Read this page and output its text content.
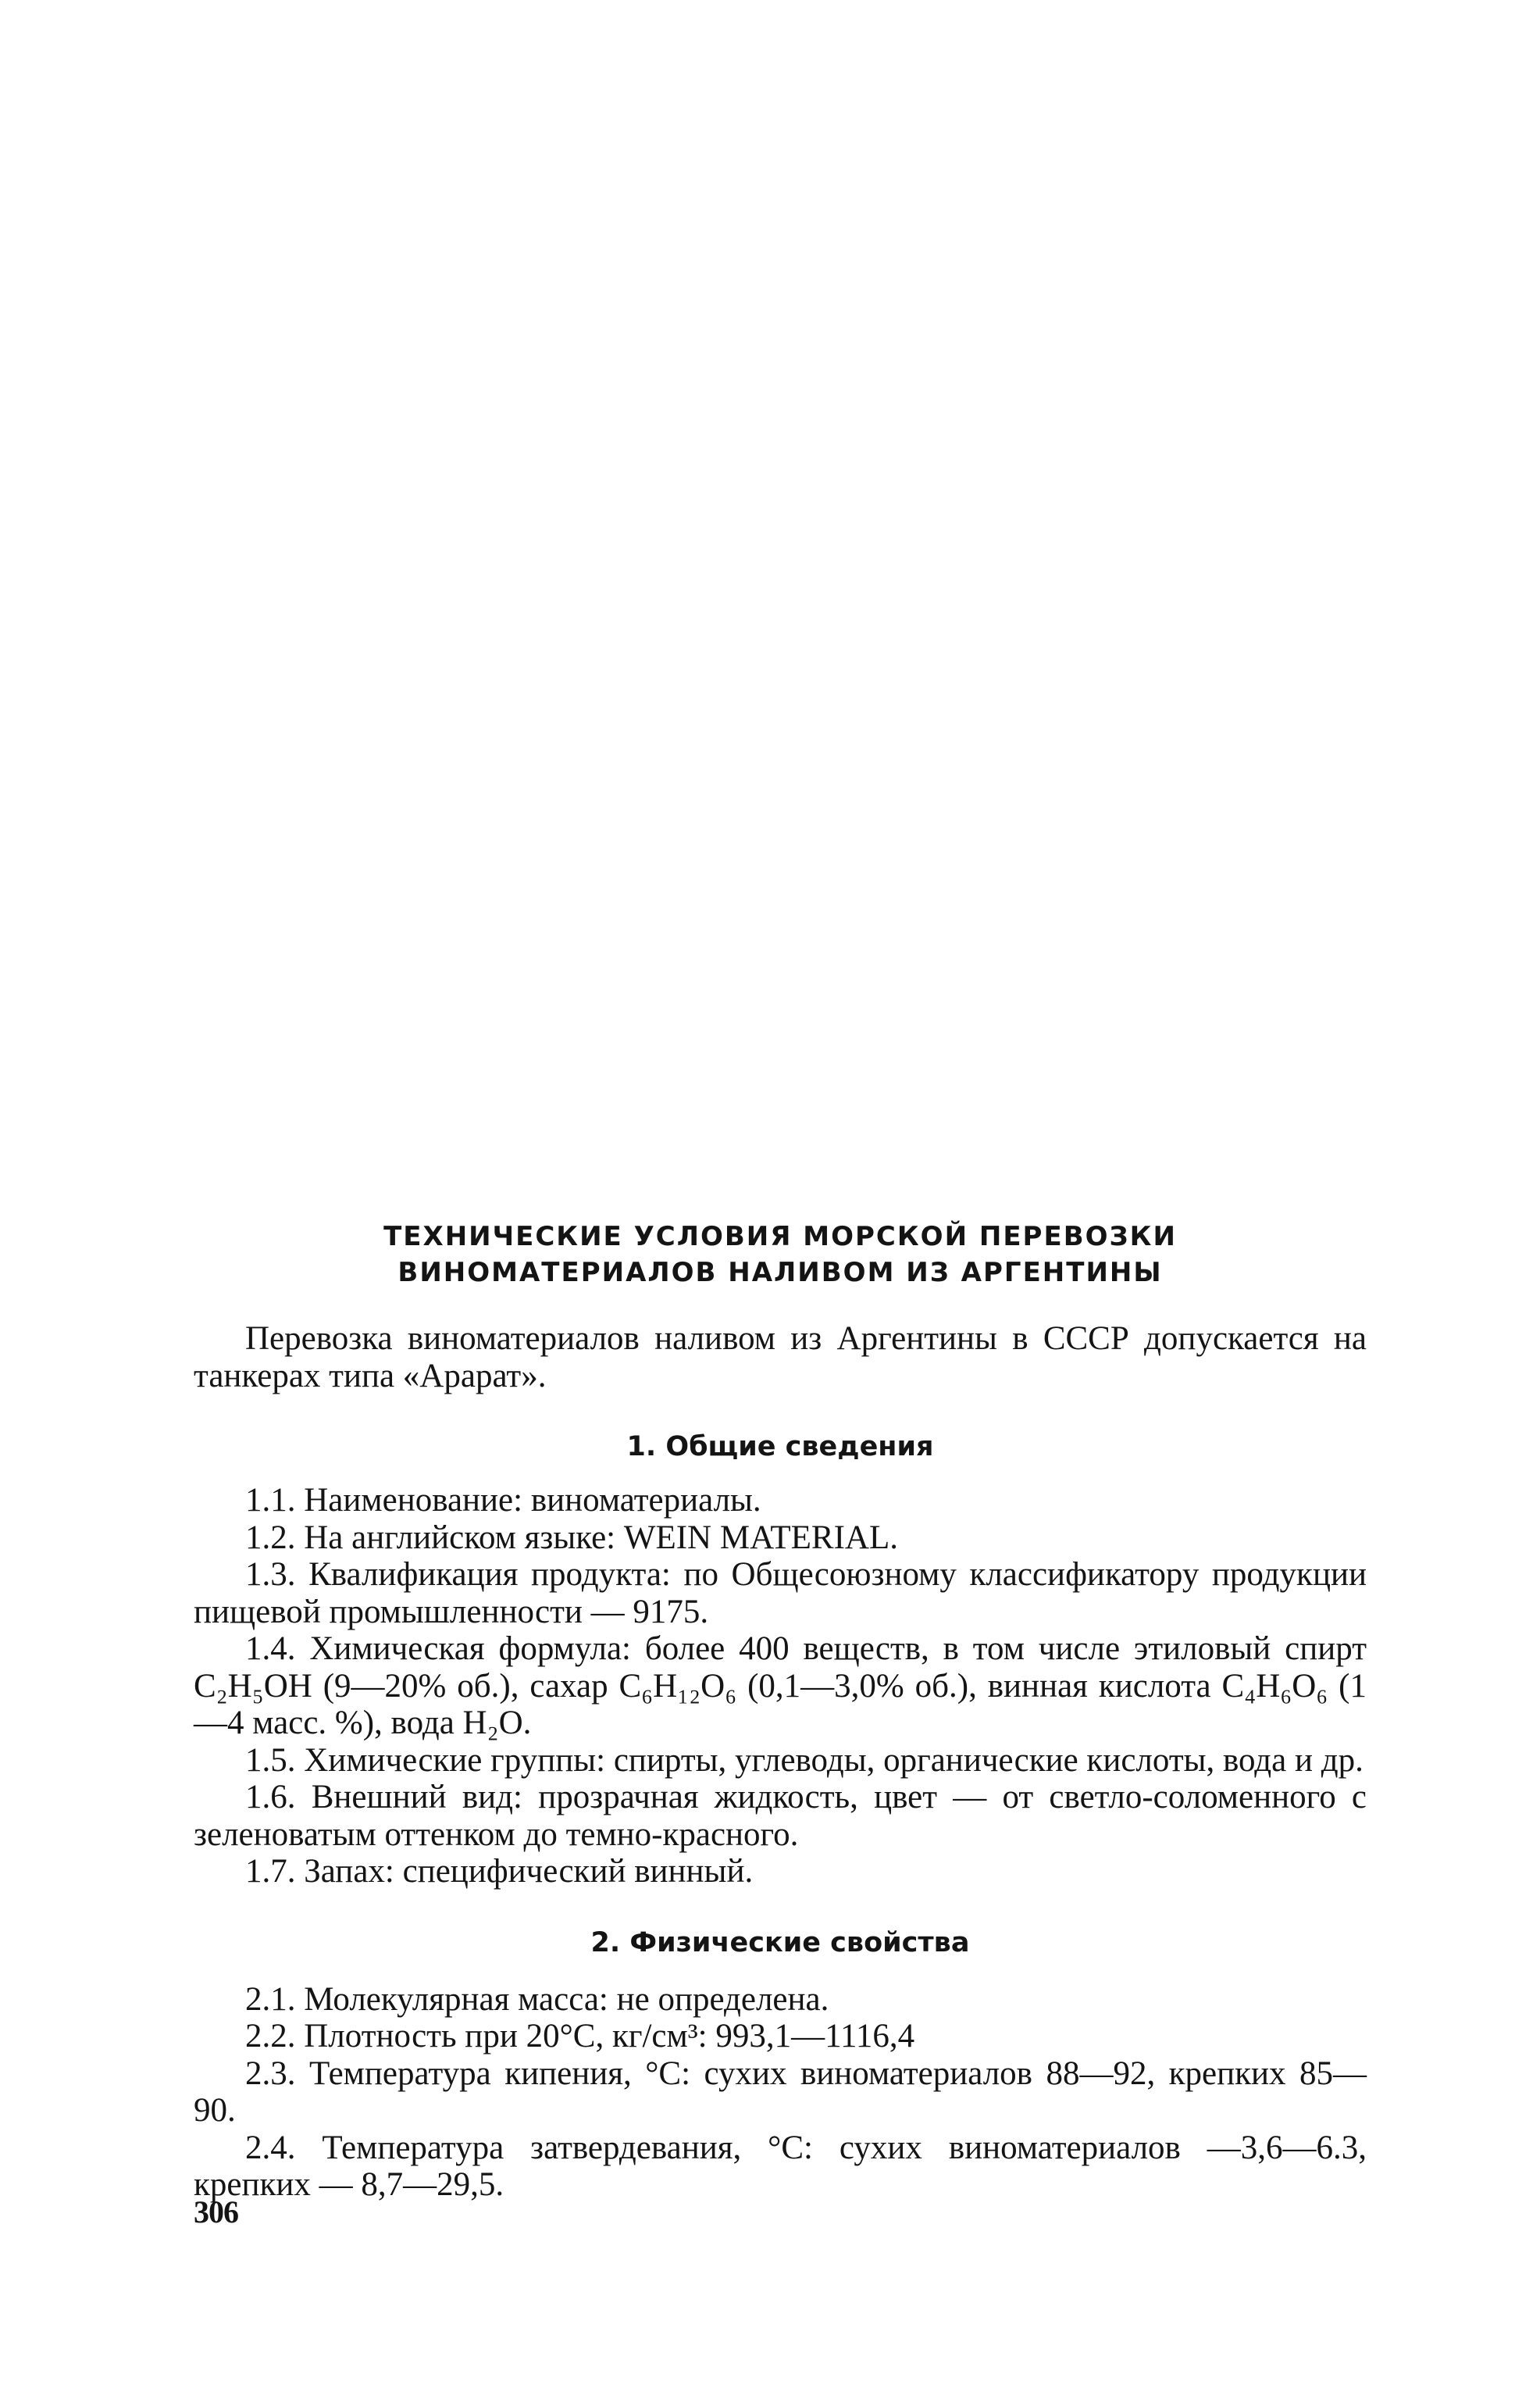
ТЕХНИЧЕСКИЕ УСЛОВИЯ МОРСКОЙ ПЕРЕВОЗКИ
ВИНОМАТЕРИАЛОВ НАЛИВОМ ИЗ АРГЕНТИНЫ

Перевозка виноматериалов наливом из Аргентины в СССР допускается на танкерах типа «Арарат».

1. Общие сведения

1.1. Наименование: виноматериалы.

1.2. На английском языке: WEIN MATERIAL.

1.3. Квалификация продукта: по Общесоюзному классификатору продукции пищевой промышленности — 9175.

1.4. Химическая формула: более 400 веществ, в том числе этиловый спирт C₂H₅OH (9—20% об.), сахар C₆H₁₂O₆ (0,1—3,0% об.), винная кислота C₄H₆O₆ (1—4 масс. %), вода H₂O.

1.5. Химические группы: спирты, углеводы, органические кислоты, вода и др.

1.6. Внешний вид: прозрачная жидкость, цвет — от светло-соломенного с зеленоватым оттенком до темно-красного.

1.7. Запах: специфический винный.

2. Физические свойства

2.1. Молекулярная масса: не определена.

2.2. Плотность при 20°С, кг/см³: 993,1—1116,4

2.3. Температура кипения, °С: сухих виноматериалов 88—92, крепких 85—90.

2.4. Температура затвердевания, °С: сухих виноматериалов —3,6—6.3, крепких — 8,7—29,5.

306
